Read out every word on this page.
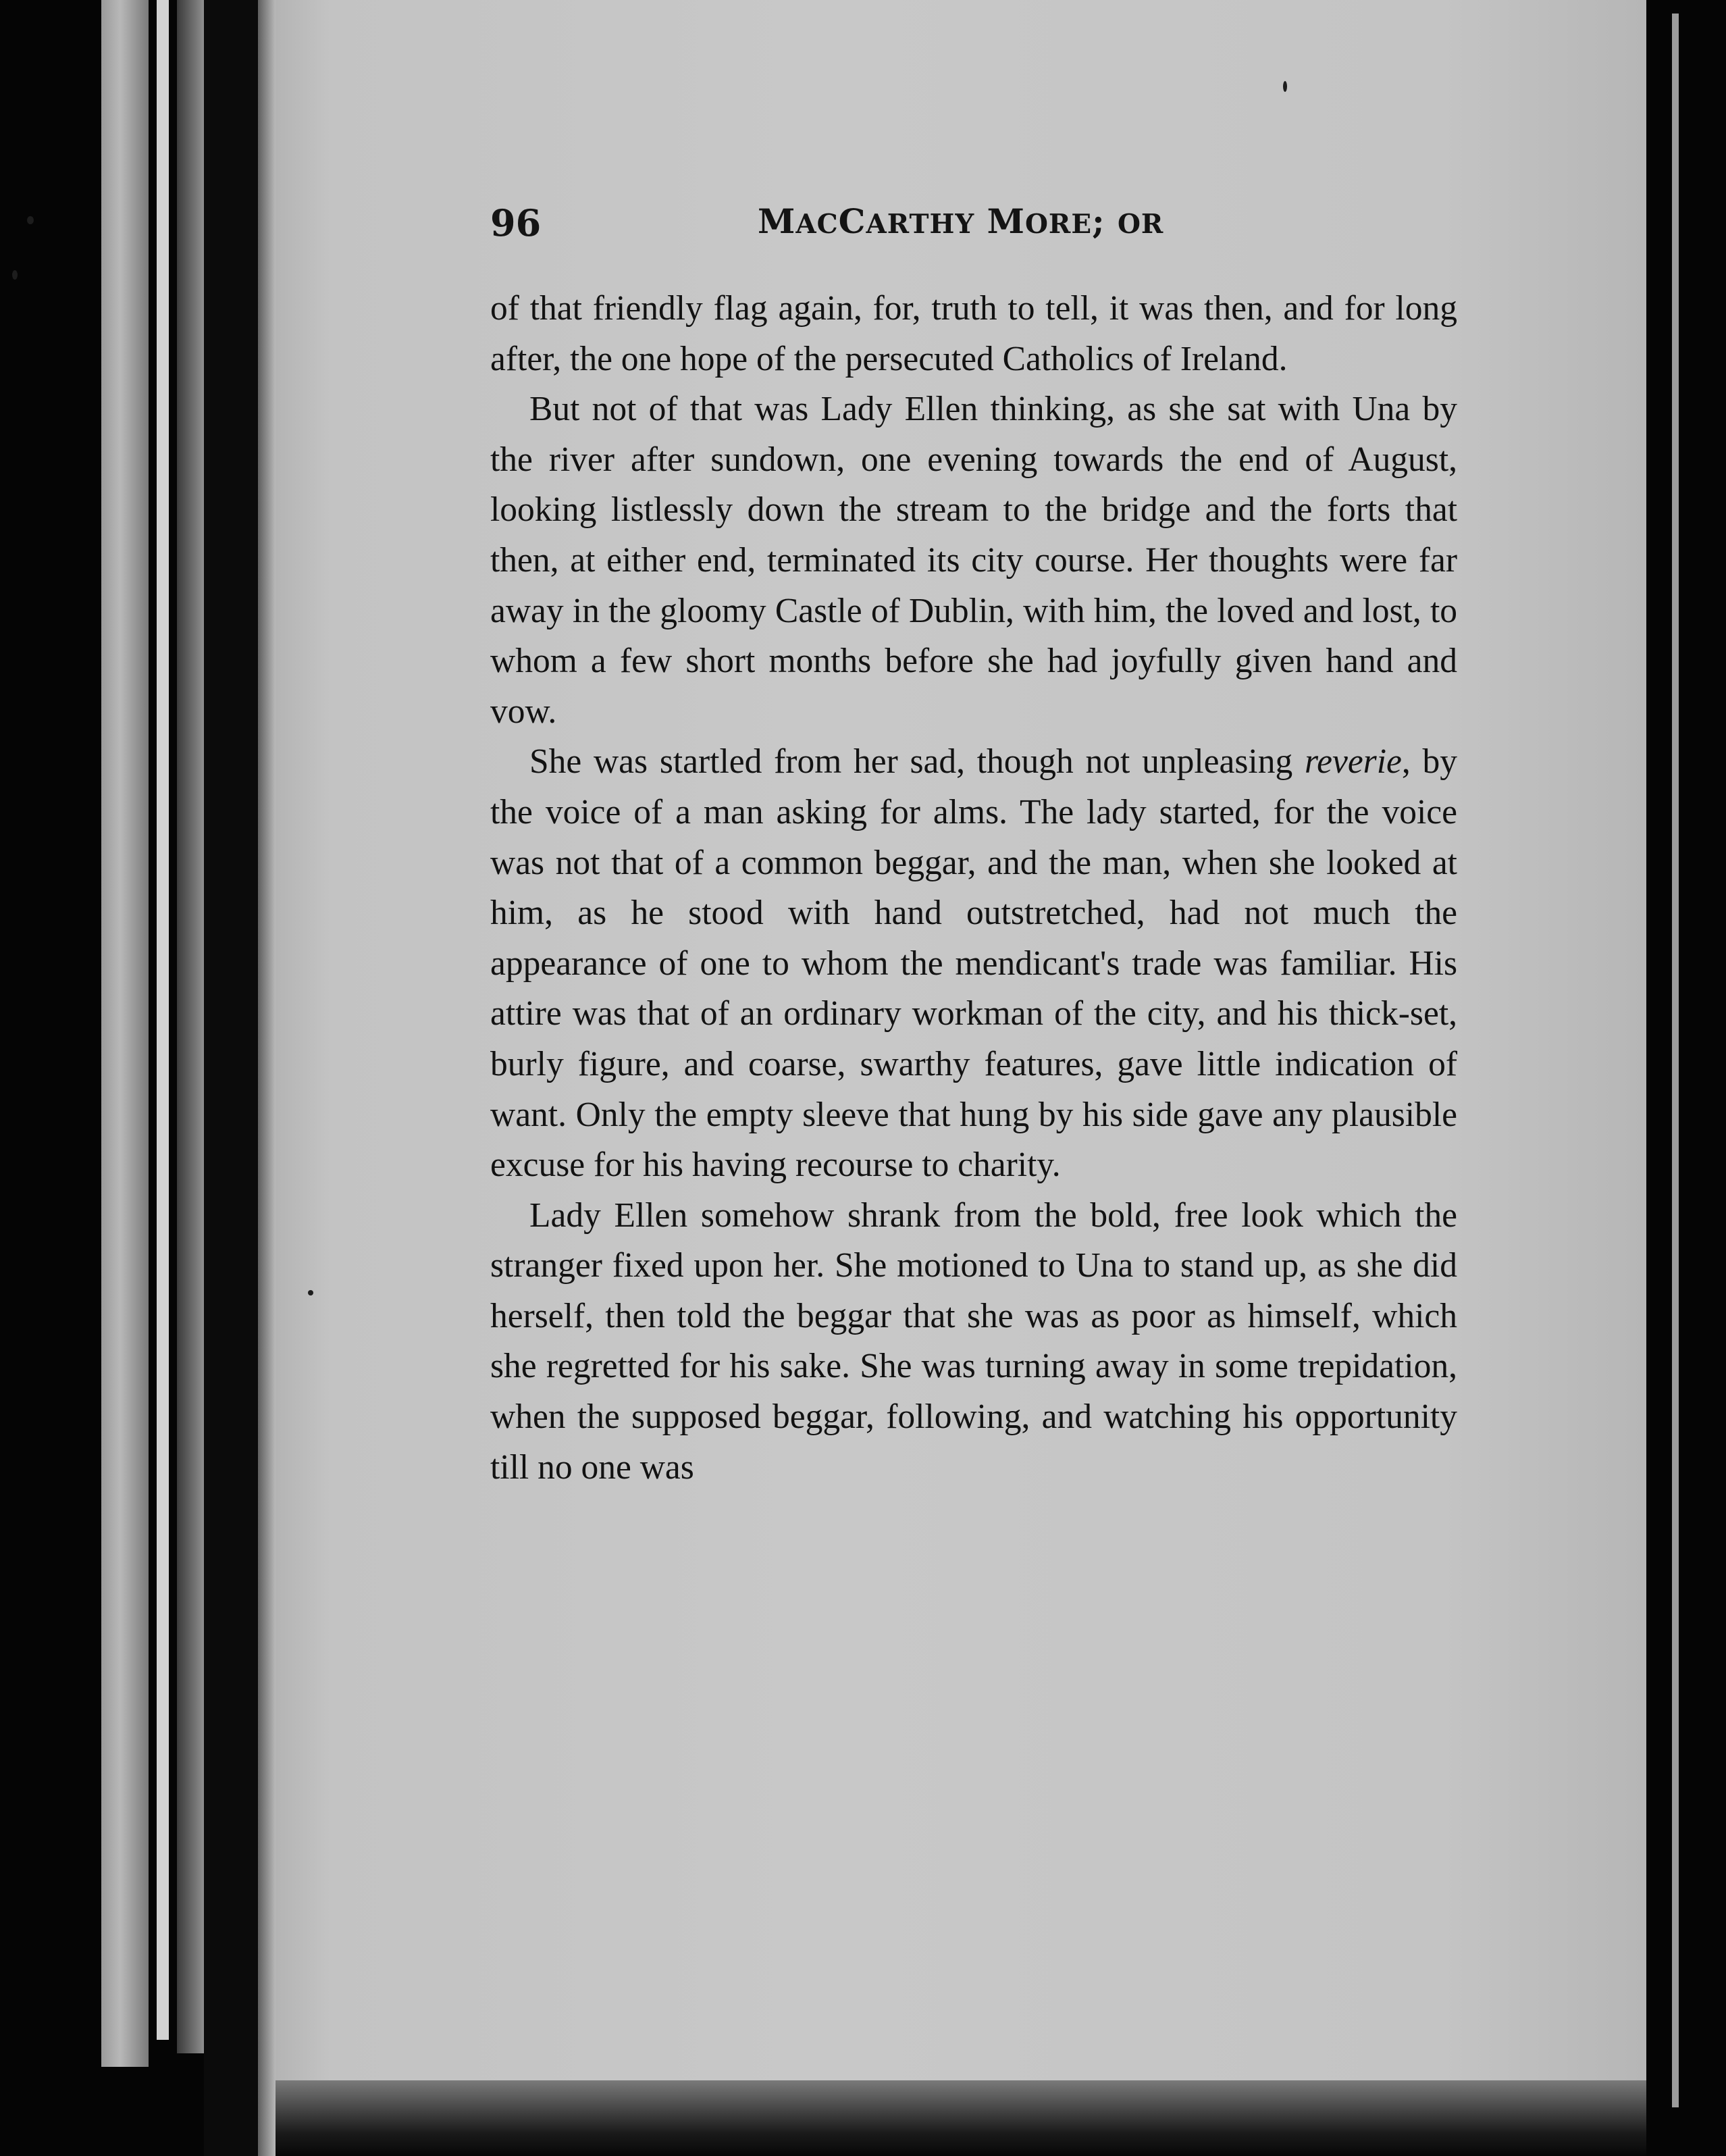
96	MACCARTHY MORE; OR

of that friendly flag again, for, truth to tell, it was then, and for long after, the one hope of the persecuted Catholics of Ireland.

But not of that was Lady Ellen thinking, as she sat with Una by the river after sundown, one evening towards the end of August, looking listlessly down the stream to the bridge and the forts that then, at either end, terminated its city course. Her thoughts were far away in the gloomy Castle of Dublin, with him, the loved and lost, to whom a few short months before she had joyfully given hand and vow.

She was startled from her sad, though not unpleasing reverie, by the voice of a man asking for alms. The lady started, for the voice was not that of a common beggar, and the man, when she looked at him, as he stood with hand outstretched, had not much the appearance of one to whom the mendicant's trade was familiar. His attire was that of an ordinary workman of the city, and his thick-set, burly figure, and coarse, swarthy features, gave little indication of want. Only the empty sleeve that hung by his side gave any plausible excuse for his having recourse to charity.

Lady Ellen somehow shrank from the bold, free look which the stranger fixed upon her. She motioned to Una to stand up, as she did herself, then told the beggar that she was as poor as himself, which she regretted for his sake. She was turning away in some trepidation, when the supposed beggar, following, and watching his opportunity till no one was
